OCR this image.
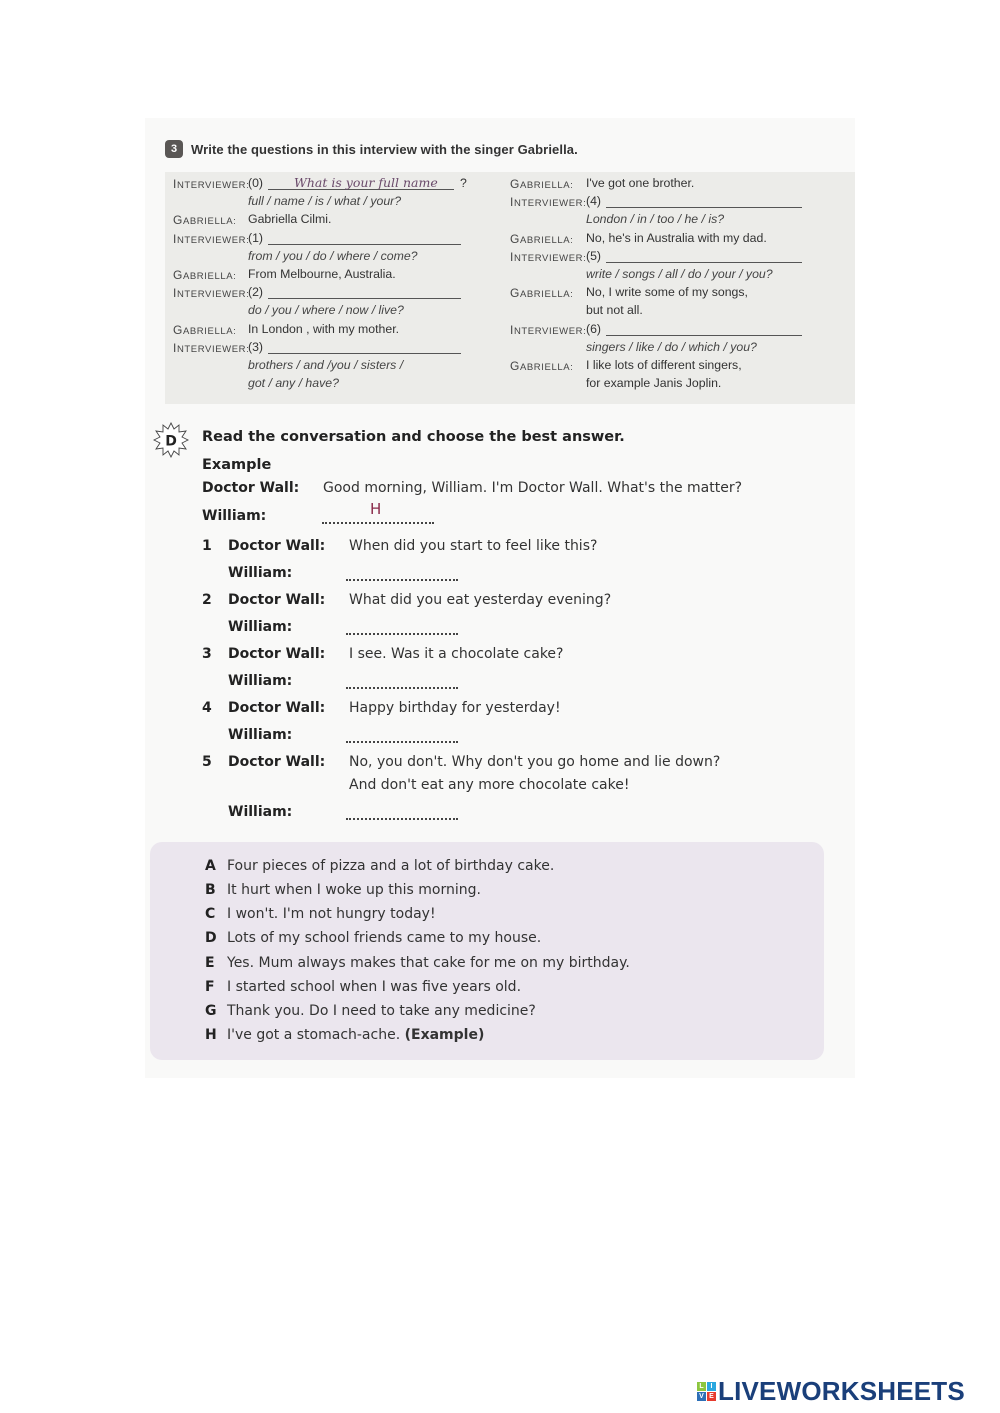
3	Write the questions in this interview with the singer Gabriella.
INTERVIEWER:
(0) What is your full name ?
full / name / is / what / your?
GABRIELLA: Gabriella Cilmi.
INTERVIEWER:
(1)
from / you / do / where / come?
GABRIELLA: From Melbourne, Australia.
INTERVIEWER:
(2)
do / you / where / now / live?
GABRIELLA: In London , with my mother.
INTERVIEWER:
(3)
brothers / and /you / sisters /
got / any / have?
GABRIELLA: I've got one brother.
INTERVIEWER: (4)
London / in / too / he / is?
GABRIELLA: No, he's in Australia with my dad.
INTERVIEWER: (5)
write / songs / all / do / your / you?
GABRIELLA: No, I write some of my songs,
but not all.
INTERVIEWER: (6)
singers / like / do / which / you?
GABRIELLA: I like lots of different singers,
for example Janis Joplin.
D Read the conversation and choose the best answer.
Example
Doctor Wall: Good morning, William. I'm Doctor Wall. What's the matter?
William:	H
1 Doctor Wall: When did you start to feel like this?
William:
2 Doctor Wall: What did you eat yesterday evening?
William:
3 Doctor Wall: I see. Was it a chocolate cake?
William:
4 Doctor Wall: Happy birthday for yesterday!
William:
5 Doctor Wall: No, you don't. Why don't you go home and lie down?
And don't eat any more chocolate cake!
William:
A Four pieces of pizza and a lot of birthday cake.
B It hurt when I woke up this morning.
C I won't. I'm not hungry today!
D Lots of my school friends came to my house.
E Yes. Mum always makes that cake for me on my birthday.
F I started school when I was five years old.
G Thank you. Do I need to take any medicine?
H I've got a stomach-ache. (Example)
L I
V E LIVEWORKSHEETS
